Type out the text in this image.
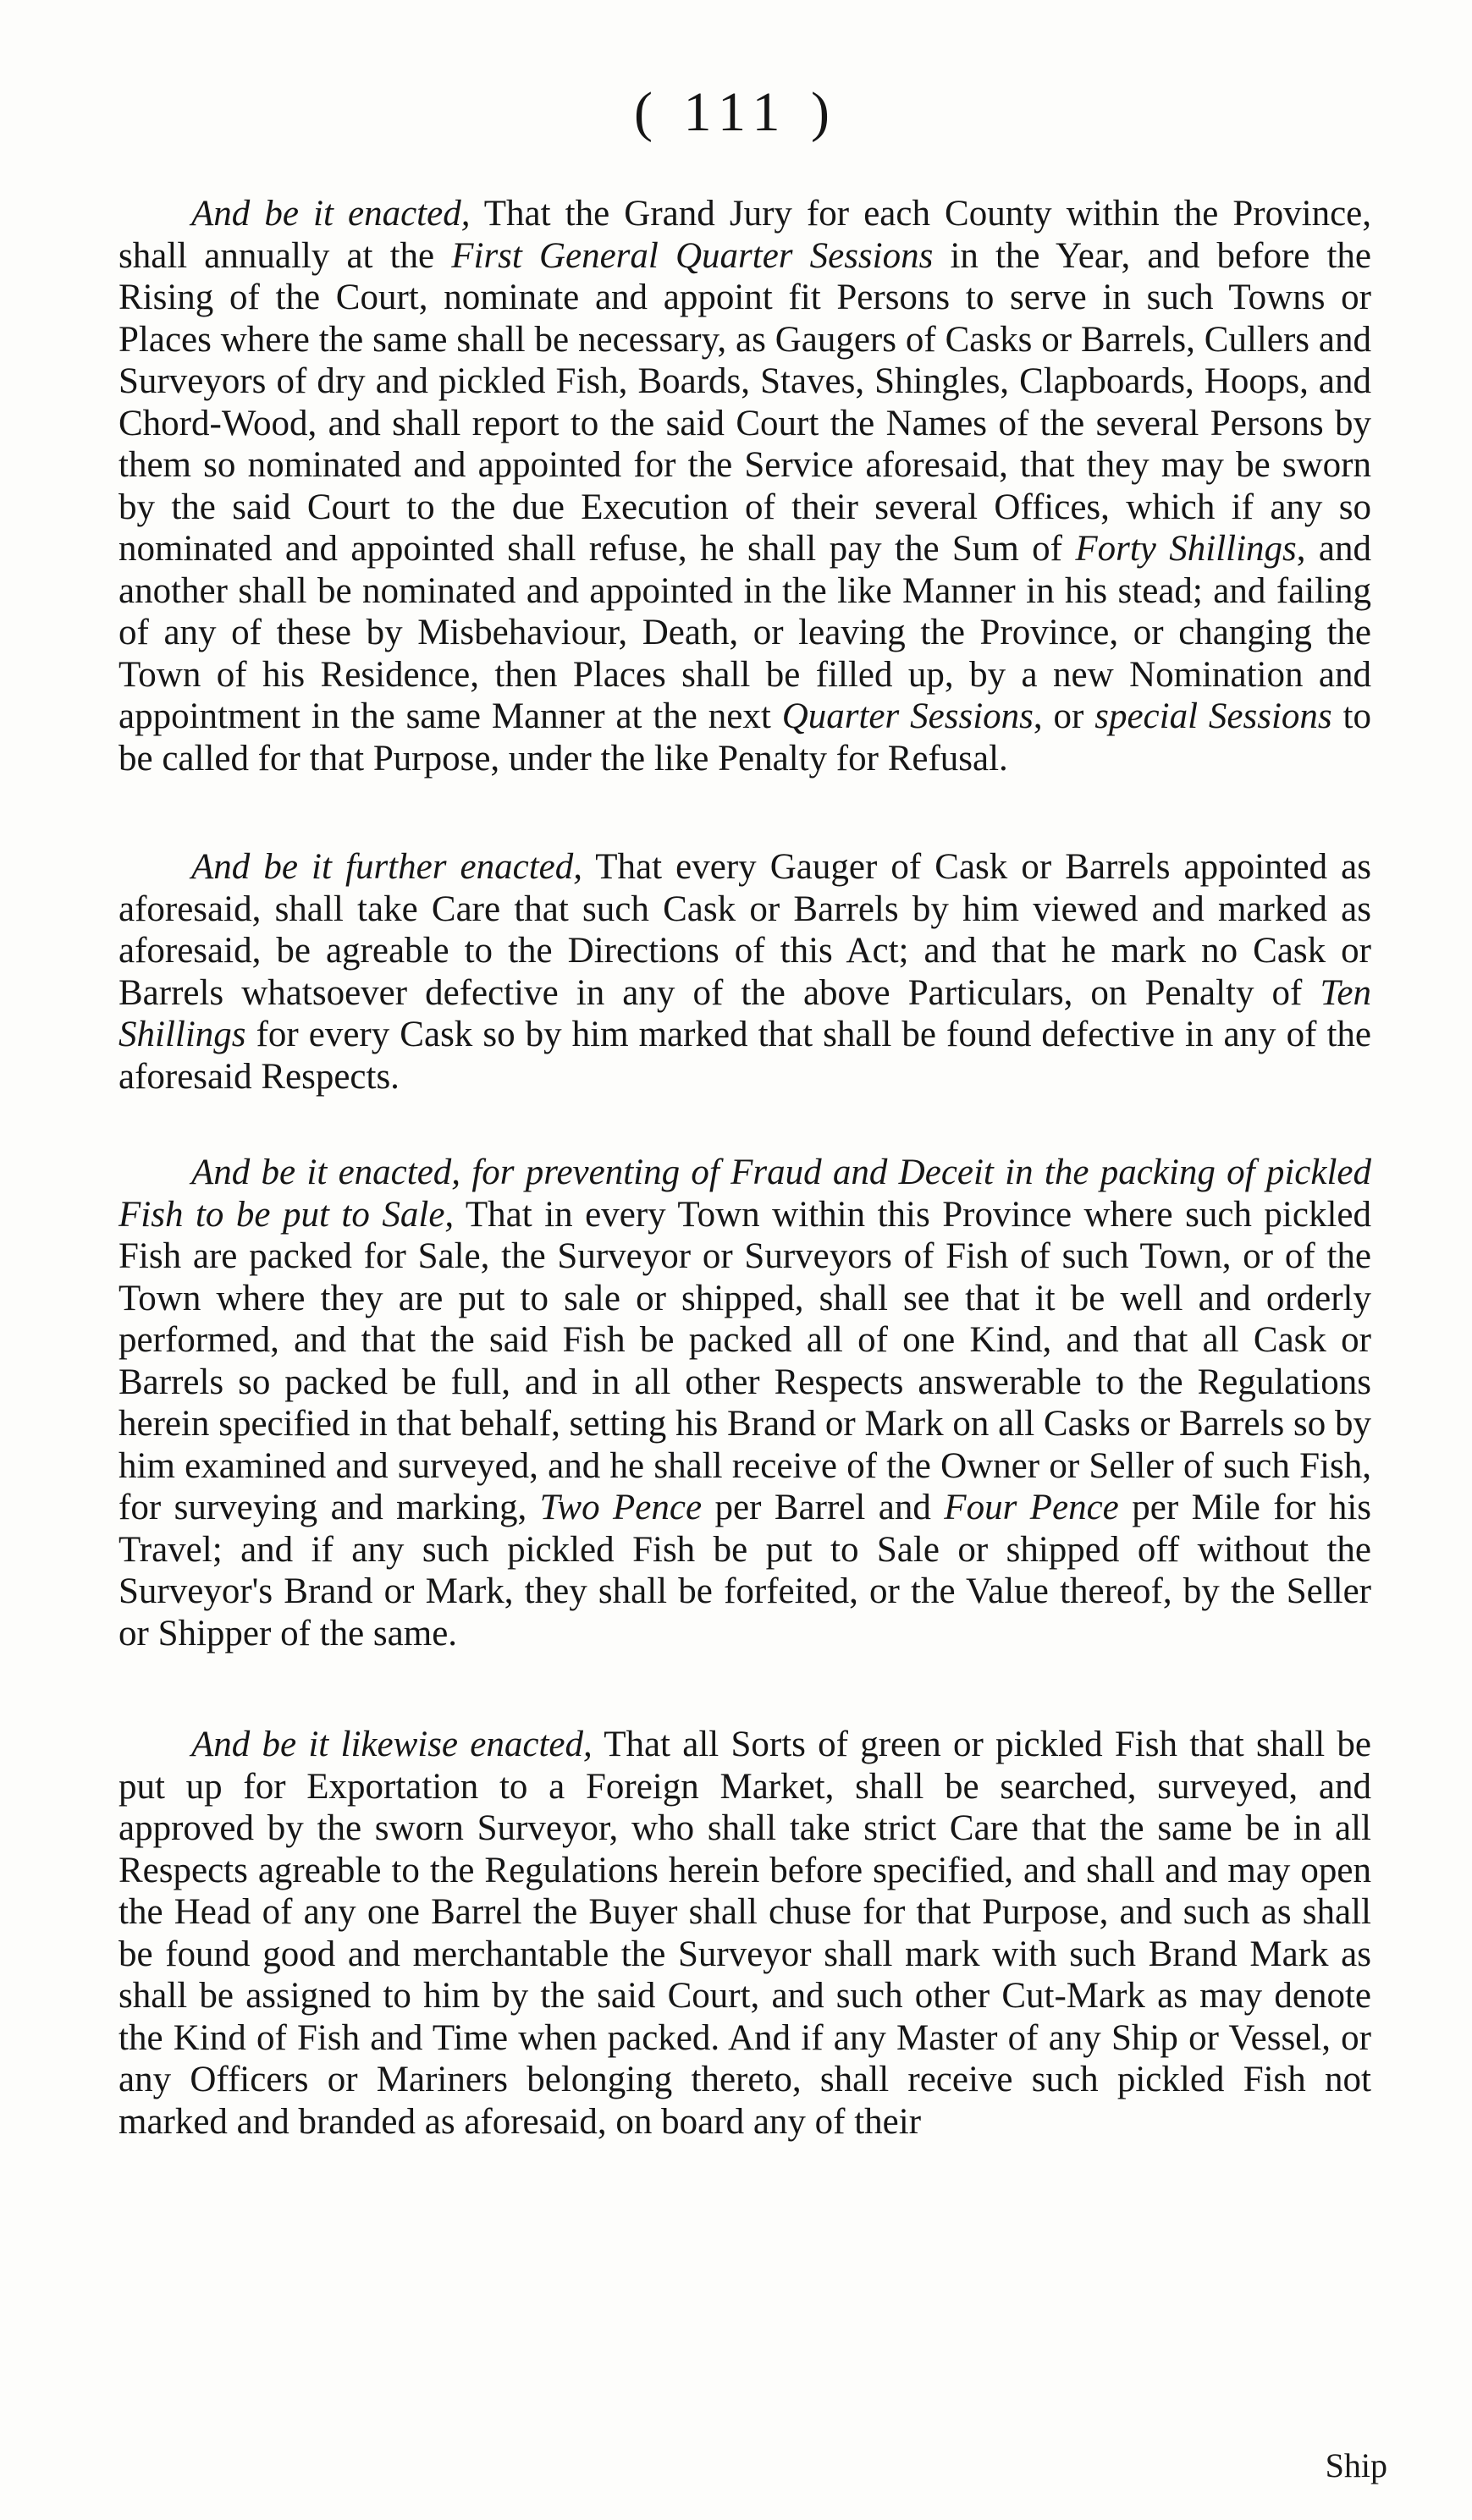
( 111 )

And be it enacted, That the Grand Jury for each County within the Province, shall annually at the First General Quarter Sessions in the Year, and before the Rising of the Court, nominate and appoint fit Persons to serve in such Towns or Places where the same shall be necessary, as Gaugers of Casks or Barrels, Cullers and Surveyors of dry and pickled Fish, Boards, Staves, Shingles, Clapboards, Hoops, and Chord-Wood, and shall report to the said Court the Names of the several Persons by them so nominated and appointed for the Service aforesaid, that they may be sworn by the said Court to the due Execution of their several Offices, which if any so nominated and appointed shall refuse, he shall pay the Sum of Forty Shillings, and another shall be nominated and appointed in the like Manner in his stead; and failing of any of these by Misbehaviour, Death, or leaving the Province, or changing the Town of his Residence, then Places shall be filled up, by a new Nomination and appointment in the same Manner at the next Quarter Sessions, or special Sessions to be called for that Purpose, under the like Penalty for Refusal.

And be it further enacted, That every Gauger of Cask or Barrels appointed as aforesaid, shall take Care that such Cask or Barrels by him viewed and marked as aforesaid, be agreable to the Directions of this Act; and that he mark no Cask or Barrels whatsoever defective in any of the above Particulars, on Penalty of Ten Shillings for every Cask so by him marked that shall be found defective in any of the aforesaid Respects.

And be it enacted, for preventing of Fraud and Deceit in the packing of pickled Fish to be put to Sale, That in every Town within this Province where such pickled Fish are packed for Sale, the Surveyor or Surveyors of Fish of such Town, or of the Town where they are put to sale or shipped, shall see that it be well and orderly performed, and that the said Fish be packed all of one Kind, and that all Cask or Barrels so packed be full, and in all other Respects answerable to the Regulations herein specified in that behalf, setting his Brand or Mark on all Casks or Barrels so by him examined and surveyed, and he shall receive of the Owner or Seller of such Fish, for surveying and marking, Two Pence per Barrel and Four Pence per Mile for his Travel; and if any such pickled Fish be put to Sale or shipped off without the Surveyor's Brand or Mark, they shall be forfeited, or the Value thereof, by the Seller or Shipper of the same.

And be it likewise enacted, That all Sorts of green or pickled Fish that shall be put up for Exportation to a Foreign Market, shall be searched, surveyed, and approved by the sworn Surveyor, who shall take strict Care that the same be in all Respects agreable to the Regulations herein before specified, and shall and may open the Head of any one Barrel the Buyer shall chuse for that Purpose, and such as shall be found good and merchantable the Surveyor shall mark with such Brand Mark as shall be assigned to him by the said Court, and such other Cut-Mark as may denote the Kind of Fish and Time when packed. And if any Master of any Ship or Vessel, or any Officers or Mariners belonging thereto, shall receive such pickled Fish not marked and branded as aforesaid, on board any of their

Ship
